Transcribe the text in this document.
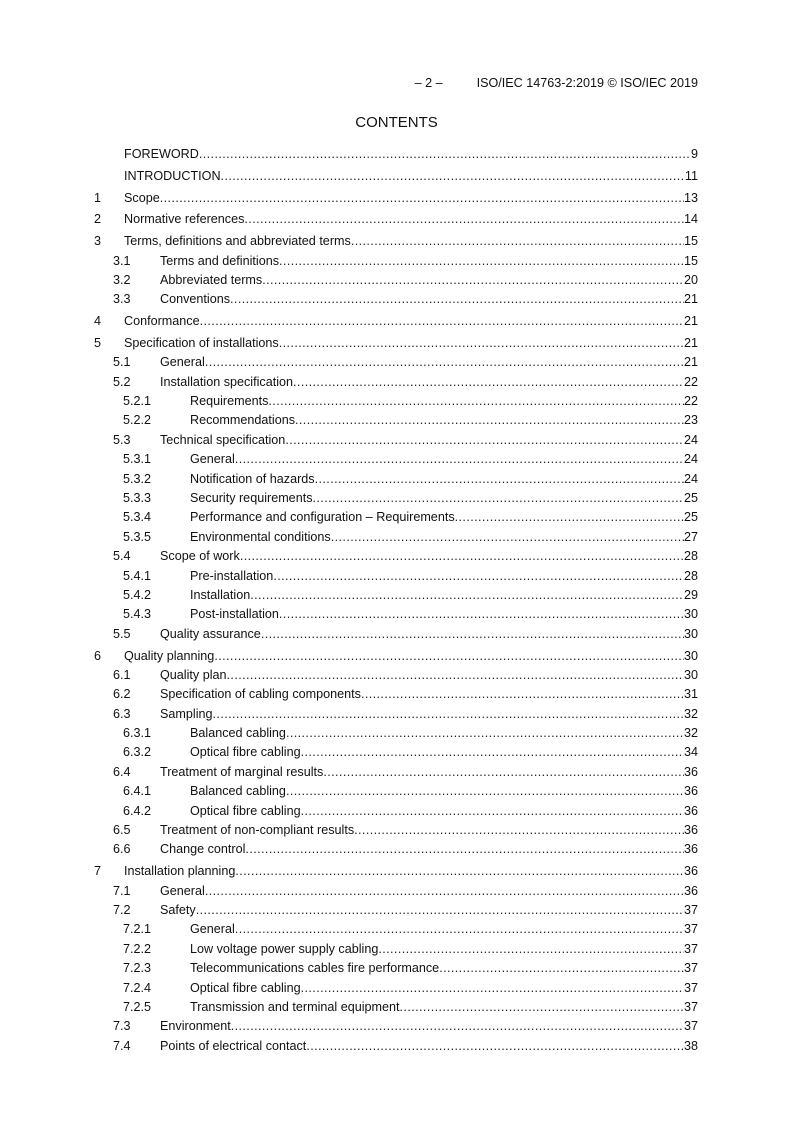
– 2 –	ISO/IEC 14763-2:2019 © ISO/IEC 2019
CONTENTS
FOREWORD .....	9
INTRODUCTION .....	11
1	Scope .....	13
2	Normative references .....	14
3	Terms, definitions and abbreviated terms .....	15
3.1	Terms and definitions .....	15
3.2	Abbreviated terms .....	20
3.3	Conventions .....	21
4	Conformance .....	21
5	Specification of installations .....	21
5.1	General .....	21
5.2	Installation specification .....	22
5.2.1	Requirements .....	22
5.2.2	Recommendations .....	23
5.3	Technical specification .....	24
5.3.1	General .....	24
5.3.2	Notification of hazards .....	24
5.3.3	Security requirements .....	25
5.3.4	Performance and configuration – Requirements .....	25
5.3.5	Environmental conditions .....	27
5.4	Scope of work .....	28
5.4.1	Pre-installation .....	28
5.4.2	Installation .....	29
5.4.3	Post-installation .....	30
5.5	Quality assurance .....	30
6	Quality planning .....	30
6.1	Quality plan .....	30
6.2	Specification of cabling components .....	31
6.3	Sampling .....	32
6.3.1	Balanced cabling .....	32
6.3.2	Optical fibre cabling .....	34
6.4	Treatment of marginal results .....	36
6.4.1	Balanced cabling .....	36
6.4.2	Optical fibre cabling .....	36
6.5	Treatment of non-compliant results .....	36
6.6	Change control .....	36
7	Installation planning .....	36
7.1	General .....	36
7.2	Safety .....	37
7.2.1	General .....	37
7.2.2	Low voltage power supply cabling .....	37
7.2.3	Telecommunications cables fire performance .....	37
7.2.4	Optical fibre cabling .....	37
7.2.5	Transmission and terminal equipment .....	37
7.3	Environment .....	37
7.4	Points of electrical contact .....	38
